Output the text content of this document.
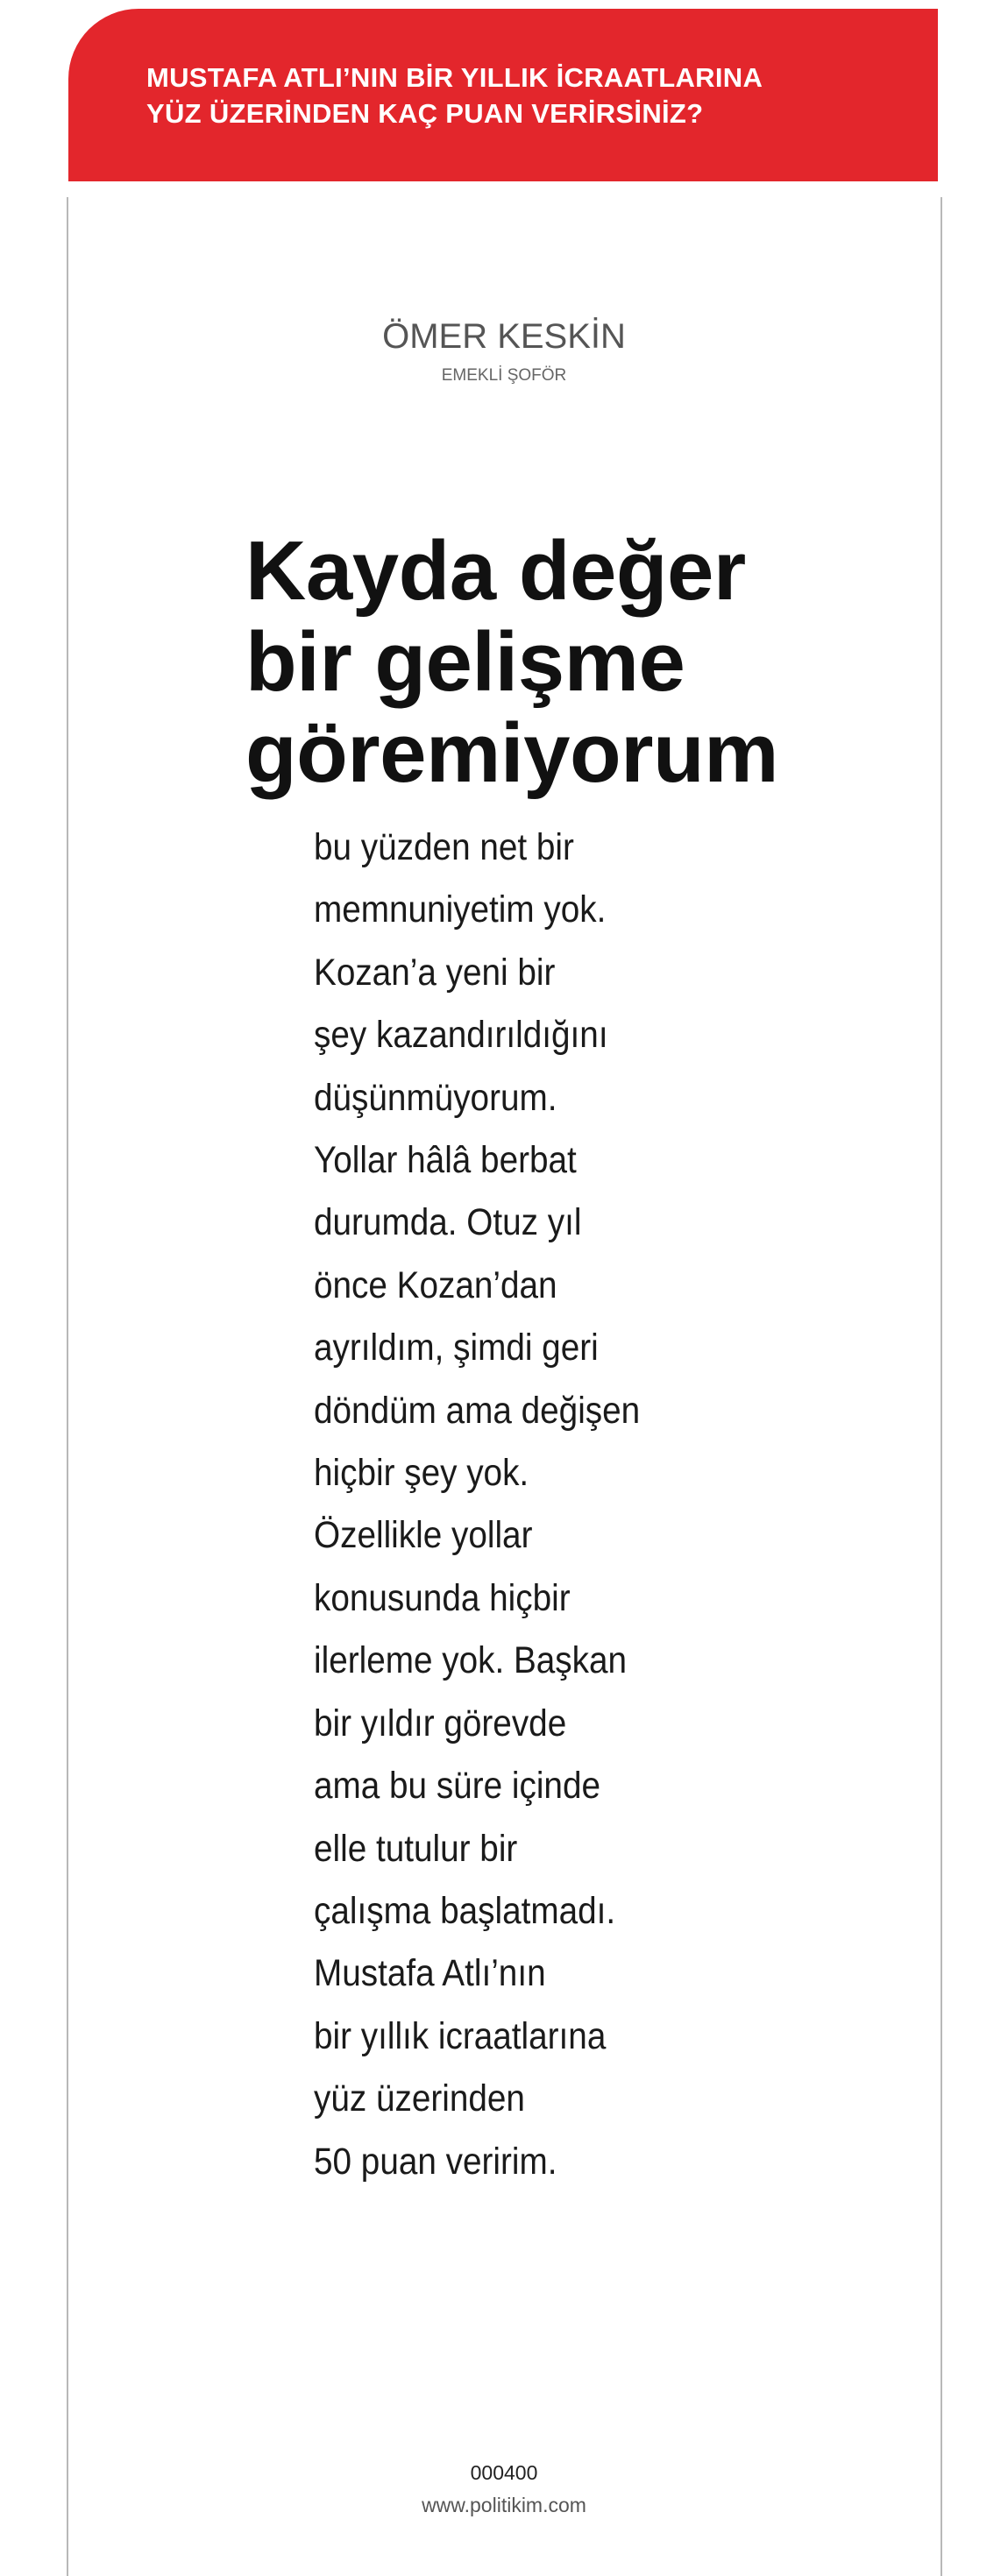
MUSTAFA ATLI’NIN BİR YILLIK İCRAATLARINA
YÜZ ÜZERİNDEN KAÇ PUAN VERİRSİNİZ?
ÖMER KESKİN
EMEKLİ ŞOFÖR
Kayda değer
bir gelişme
göremiyorum
bu yüzden net bir
memnuniyetim yok.
Kozan’a yeni bir
şey kazandırıldığını
düşünmüyorum.
Yollar hâlâ berbat
durumda. Otuz yıl
önce Kozan’dan
ayrıldım, şimdi geri
döndüm ama değişen
hiçbir şey yok.
Özellikle yollar
konusunda hiçbir
ilerleme yok. Başkan
bir yıldır görevde
ama bu süre içinde
elle tutulur bir
çalışma başlatmadı.
Mustafa Atlı’nın
bir yıllık icraatlarına
yüz üzerinden
50 puan veririm.
000400
www.politikim.com
